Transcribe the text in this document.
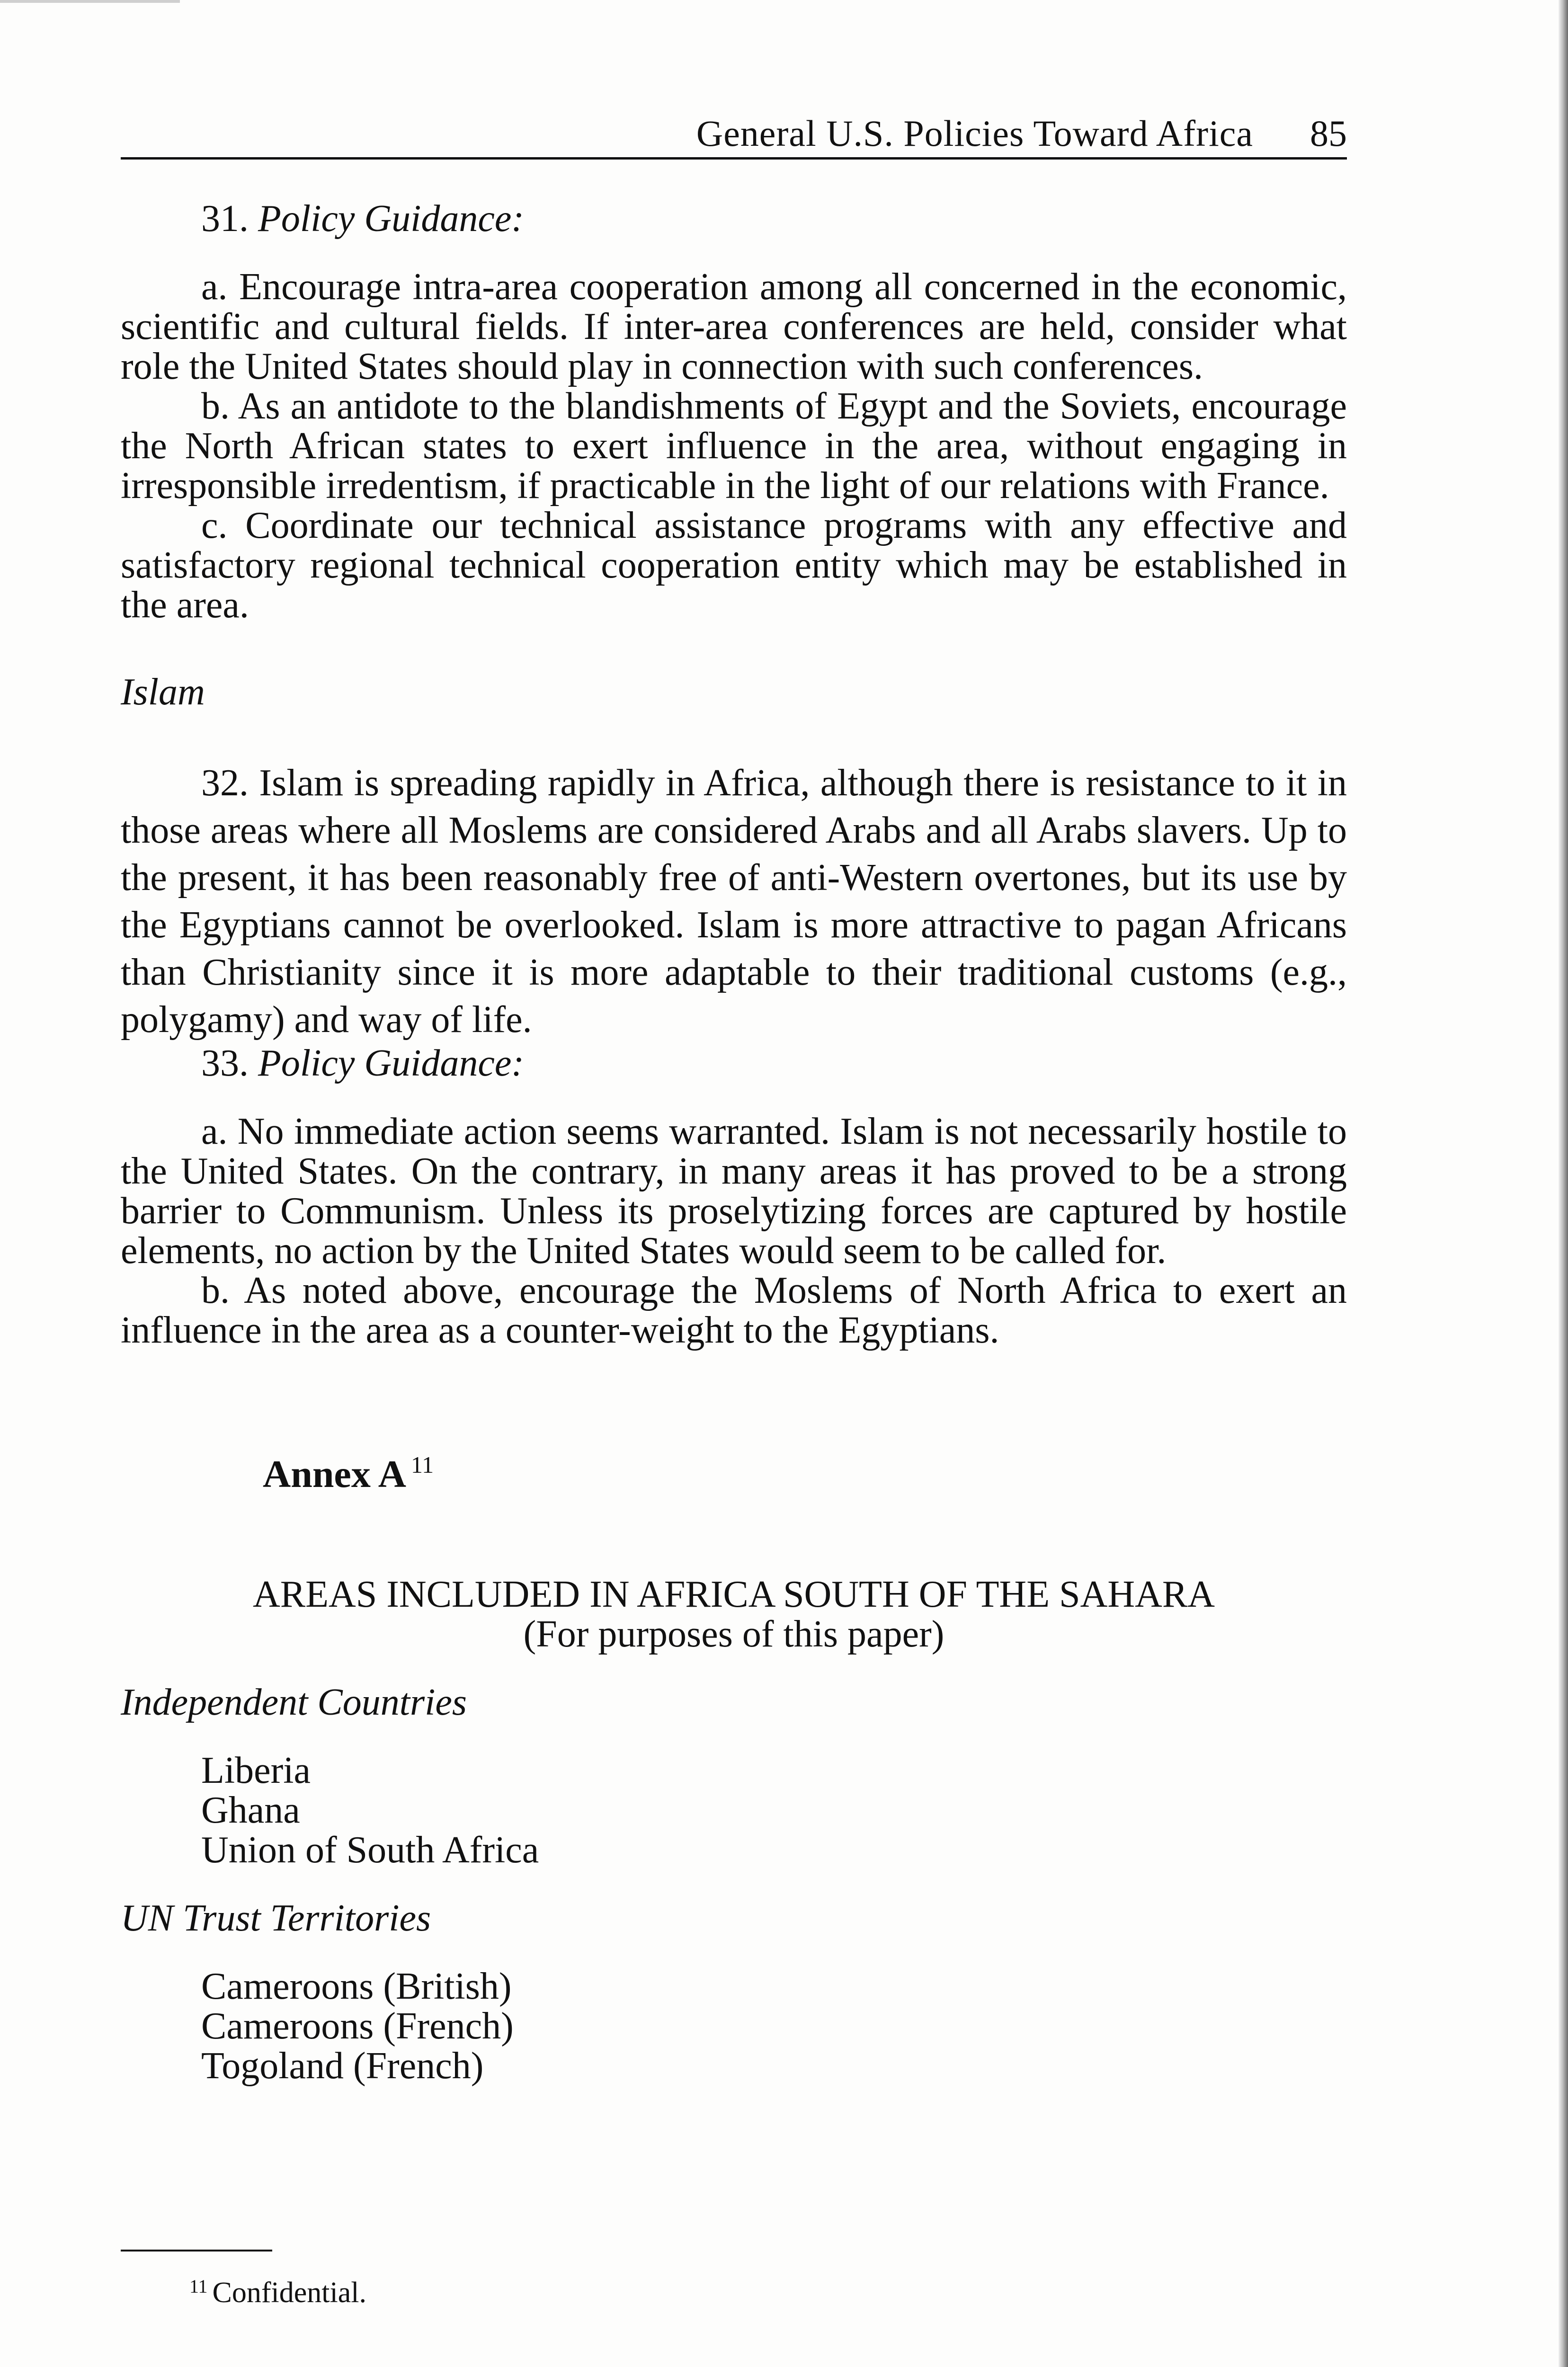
General U.S. Policies Toward Africa 85

31. Policy Guidance:

a. Encourage intra-area cooperation among all concerned in the economic, scientific and cultural fields. If inter-area conferences are held, consider what role the United States should play in connection with such conferences.

b. As an antidote to the blandishments of Egypt and the Soviets, encourage the North African states to exert influence in the area, without engaging in irresponsible irredentism, if practicable in the light of our relations with France.

c. Coordinate our technical assistance programs with any effective and satisfactory regional technical cooperation entity which may be established in the area.

Islam

32. Islam is spreading rapidly in Africa, although there is resistance to it in those areas where all Moslems are considered Arabs and all Arabs slavers. Up to the present, it has been reasonably free of anti-Western overtones, but its use by the Egyptians cannot be overlooked. Islam is more attractive to pagan Africans than Christianity since it is more adaptable to their traditional customs (e.g., polygamy) and way of life.

33. Policy Guidance:

a. No immediate action seems warranted. Islam is not necessarily hostile to the United States. On the contrary, in many areas it has proved to be a strong barrier to Communism. Unless its proselytizing forces are captured by hostile elements, no action by the United States would seem to be called for.

b. As noted above, encourage the Moslems of North Africa to exert an influence in the area as a counter-weight to the Egyptians.

Annex A $^{11}$

AREAS INCLUDED IN AFRICA SOUTH OF THE SAHARA

(For purposes of this paper)

Independent Countries

Liberia

Ghana

Union of South Africa

UN Trust Territories

Cameroons (British)

Cameroons (French)

Togoland (French)

$^{11}$ Confidential.
